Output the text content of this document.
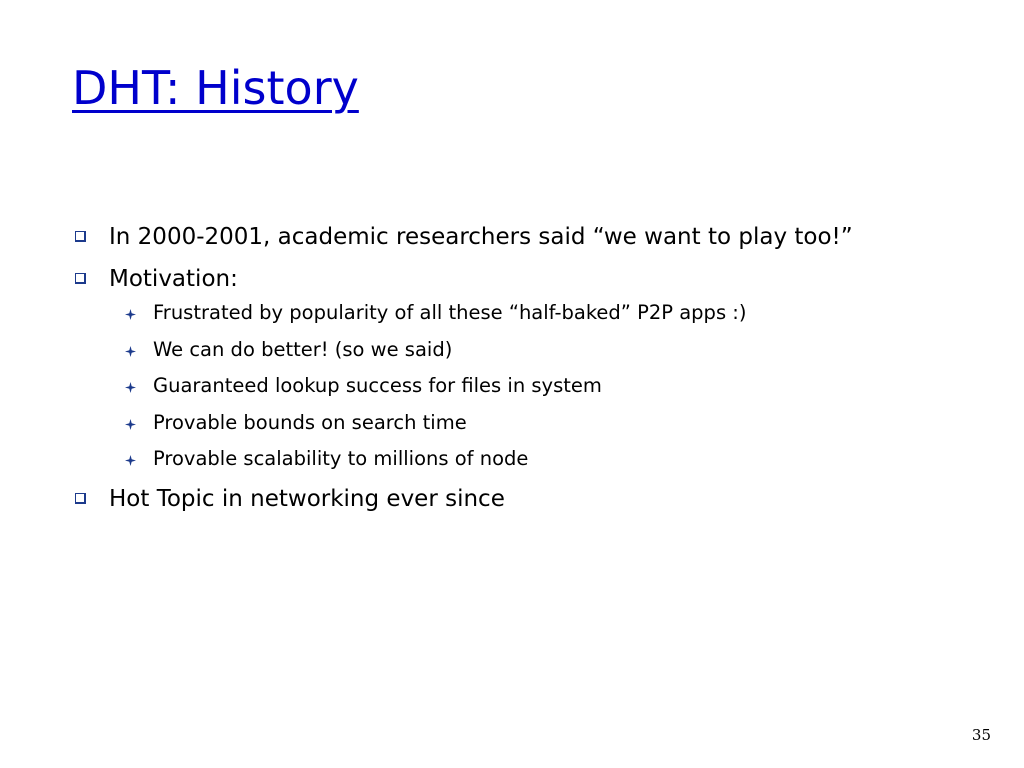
DHT: History
In 2000-2001, academic researchers said “we want to play too!”
Motivation:
Frustrated by popularity of all these “half-baked” P2P apps :)
We can do better! (so we said)
Guaranteed lookup success for files in system
Provable bounds on search time
Provable scalability to millions of node
Hot Topic in networking ever since
35
